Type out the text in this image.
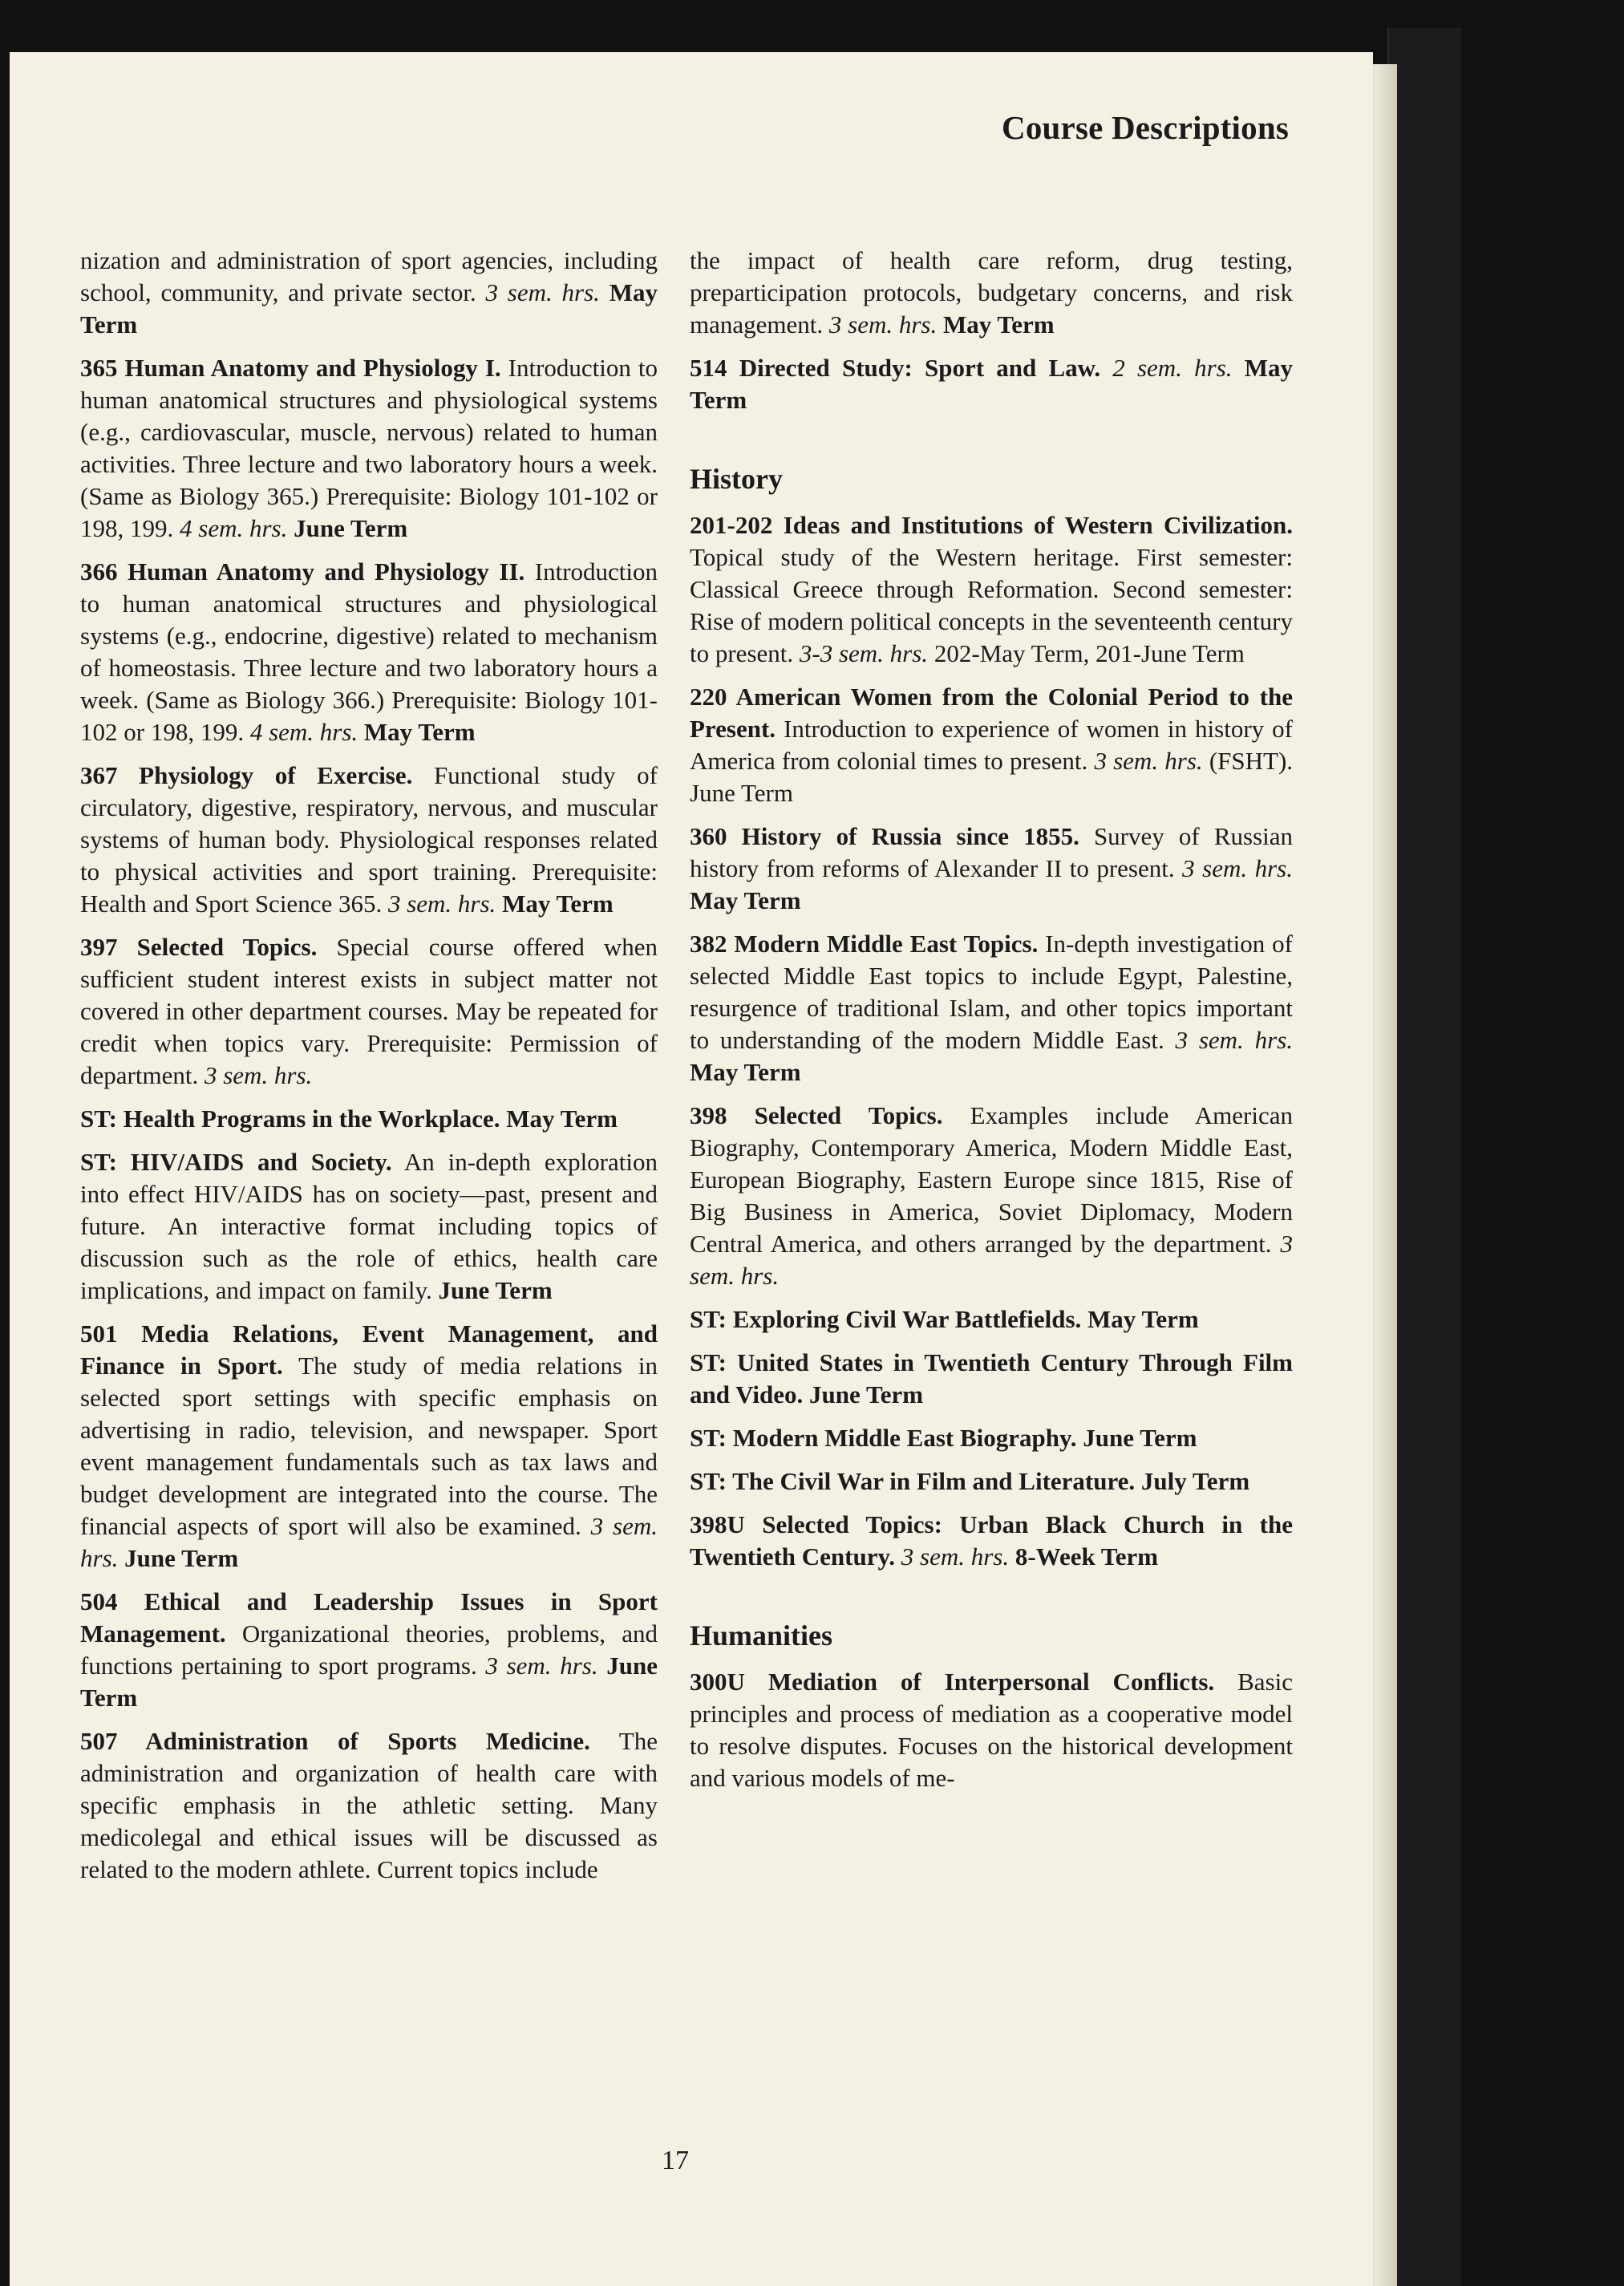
Course Descriptions

nization and administration of sport agencies, including school, community, and private sector. 3 sem. hrs. May Term

365 Human Anatomy and Physiology I. Introduction to human anatomical structures and physiological systems (e.g., cardiovascular, muscle, nervous) related to human activities. Three lecture and two laboratory hours a week. (Same as Biology 365.) Prerequisite: Biology 101-102 or 198, 199. 4 sem. hrs. June Term

366 Human Anatomy and Physiology II. Introduction to human anatomical structures and physiological systems (e.g., endocrine, digestive) related to mechanism of homeostasis. Three lecture and two laboratory hours a week. (Same as Biology 366.) Prerequisite: Biology 101-102 or 198, 199. 4 sem. hrs. May Term

367 Physiology of Exercise. Functional study of circulatory, digestive, respiratory, nervous, and muscular systems of human body. Physiological responses related to physical activities and sport training. Prerequisite: Health and Sport Science 365. 3 sem. hrs. May Term

397 Selected Topics. Special course offered when sufficient student interest exists in subject matter not covered in other department courses. May be repeated for credit when topics vary. Prerequisite: Permission of department. 3 sem. hrs.

ST: Health Programs in the Workplace. May Term

ST: HIV/AIDS and Society. An in-depth exploration into effect HIV/AIDS has on society—past, present and future. An interactive format including topics of discussion such as the role of ethics, health care implications, and impact on family. June Term

501 Media Relations, Event Management, and Finance in Sport. The study of media relations in selected sport settings with specific emphasis on advertising in radio, television, and newspaper. Sport event management fundamentals such as tax laws and budget development are integrated into the course. The financial aspects of sport will also be examined. 3 sem. hrs. June Term

504 Ethical and Leadership Issues in Sport Management. Organizational theories, problems, and functions pertaining to sport programs. 3 sem. hrs. June Term

507 Administration of Sports Medicine. The administration and organization of health care with specific emphasis in the athletic setting. Many medicolegal and ethical issues will be discussed as related to the modern athlete. Current topics include

the impact of health care reform, drug testing, preparticipation protocols, budgetary concerns, and risk management. 3 sem. hrs. May Term

514 Directed Study: Sport and Law. 2 sem. hrs. May Term

History

201-202 Ideas and Institutions of Western Civilization. Topical study of the Western heritage. First semester: Classical Greece through Reformation. Second semester: Rise of modern political concepts in the seventeenth century to present. 3-3 sem. hrs. 202-May Term, 201-June Term

220 American Women from the Colonial Period to the Present. Introduction to experience of women in history of America from colonial times to present. 3 sem. hrs. (FSHT). June Term

360 History of Russia since 1855. Survey of Russian history from reforms of Alexander II to present. 3 sem. hrs. May Term

382 Modern Middle East Topics. In-depth investigation of selected Middle East topics to include Egypt, Palestine, resurgence of traditional Islam, and other topics important to understanding of the modern Middle East. 3 sem. hrs. May Term

398 Selected Topics. Examples include American Biography, Contemporary America, Modern Middle East, European Biography, Eastern Europe since 1815, Rise of Big Business in America, Soviet Diplomacy, Modern Central America, and others arranged by the department. 3 sem. hrs.

ST: Exploring Civil War Battlefields. May Term

ST: United States in Twentieth Century Through Film and Video. June Term

ST: Modern Middle East Biography. June Term

ST: The Civil War in Film and Literature. July Term

398U Selected Topics: Urban Black Church in the Twentieth Century. 3 sem. hrs. 8-Week Term

Humanities

300U Mediation of Interpersonal Conflicts. Basic principles and process of mediation as a cooperative model to resolve disputes. Focuses on the historical development and various models of me-

17
